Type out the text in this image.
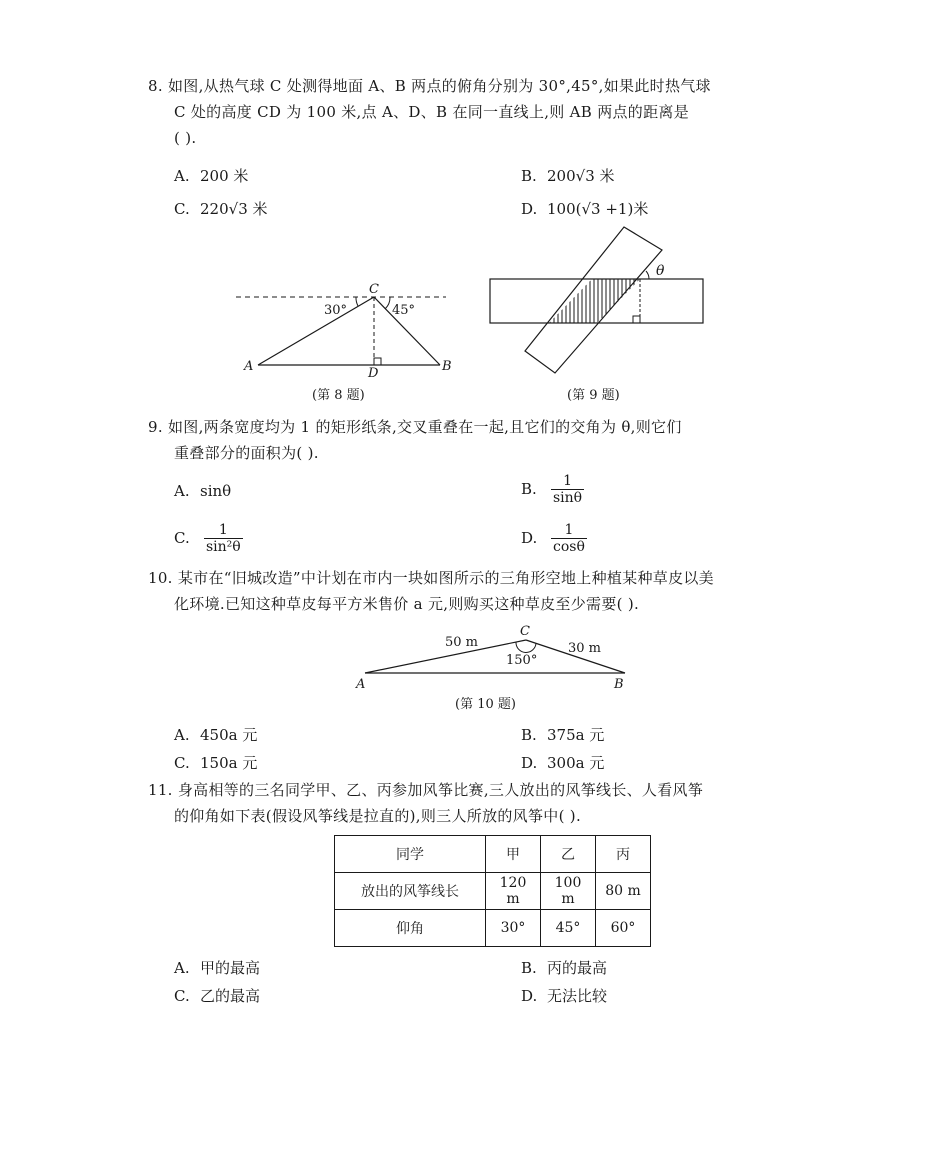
8. 如图,从热气球 C 处测得地面 A、B 两点的俯角分别为 30°,45°,如果此时热气球
C 处的高度 CD 为 100 米,点 A、D、B 在同一直线上,则 AB 两点的距离是
( ).
A. 200 米	B. 200√3 米
C. 220√3 米	D. 100(√3 +1)米
C
30°	45°
A	B
D
(第 8 题)
θ
(第 9 题)
9. 如图,两条宽度均为 1 的矩形纸条,交叉重叠在一起,且它们的交角为 θ,则它们
重叠部分的面积为( ).
A. sinθ	B. $\frac{1}{\sin\theta}$
C. $\frac{1}{\text{sin²θ}}$	D. $\frac{1}{\cos\theta}$
10. 某市在“旧城改造”中计划在市内一块如图所示的三角形空地上种植某种草皮以美
化环境.已知这种草皮每平方米售价 a 元,则购买这种草皮至少需要( ).
C
50 m	30 m
150°
A	B
(第 10 题)
A. 450a 元	B. 375a 元
C. 150a 元	D. 300a 元
11. 身高相等的三名同学甲、乙、丙参加风筝比赛,三人放出的风筝线长、人看风筝
的仰角如下表(假设风筝线是拉直的),则三人所放的风筝中( ).
同学	甲	乙	丙
放出的风筝线长	120 m	100 m	80 m
仰角	30°	45°	60°
A. 甲的最高	B. 丙的最高
C. 乙的最高	D. 无法比较
